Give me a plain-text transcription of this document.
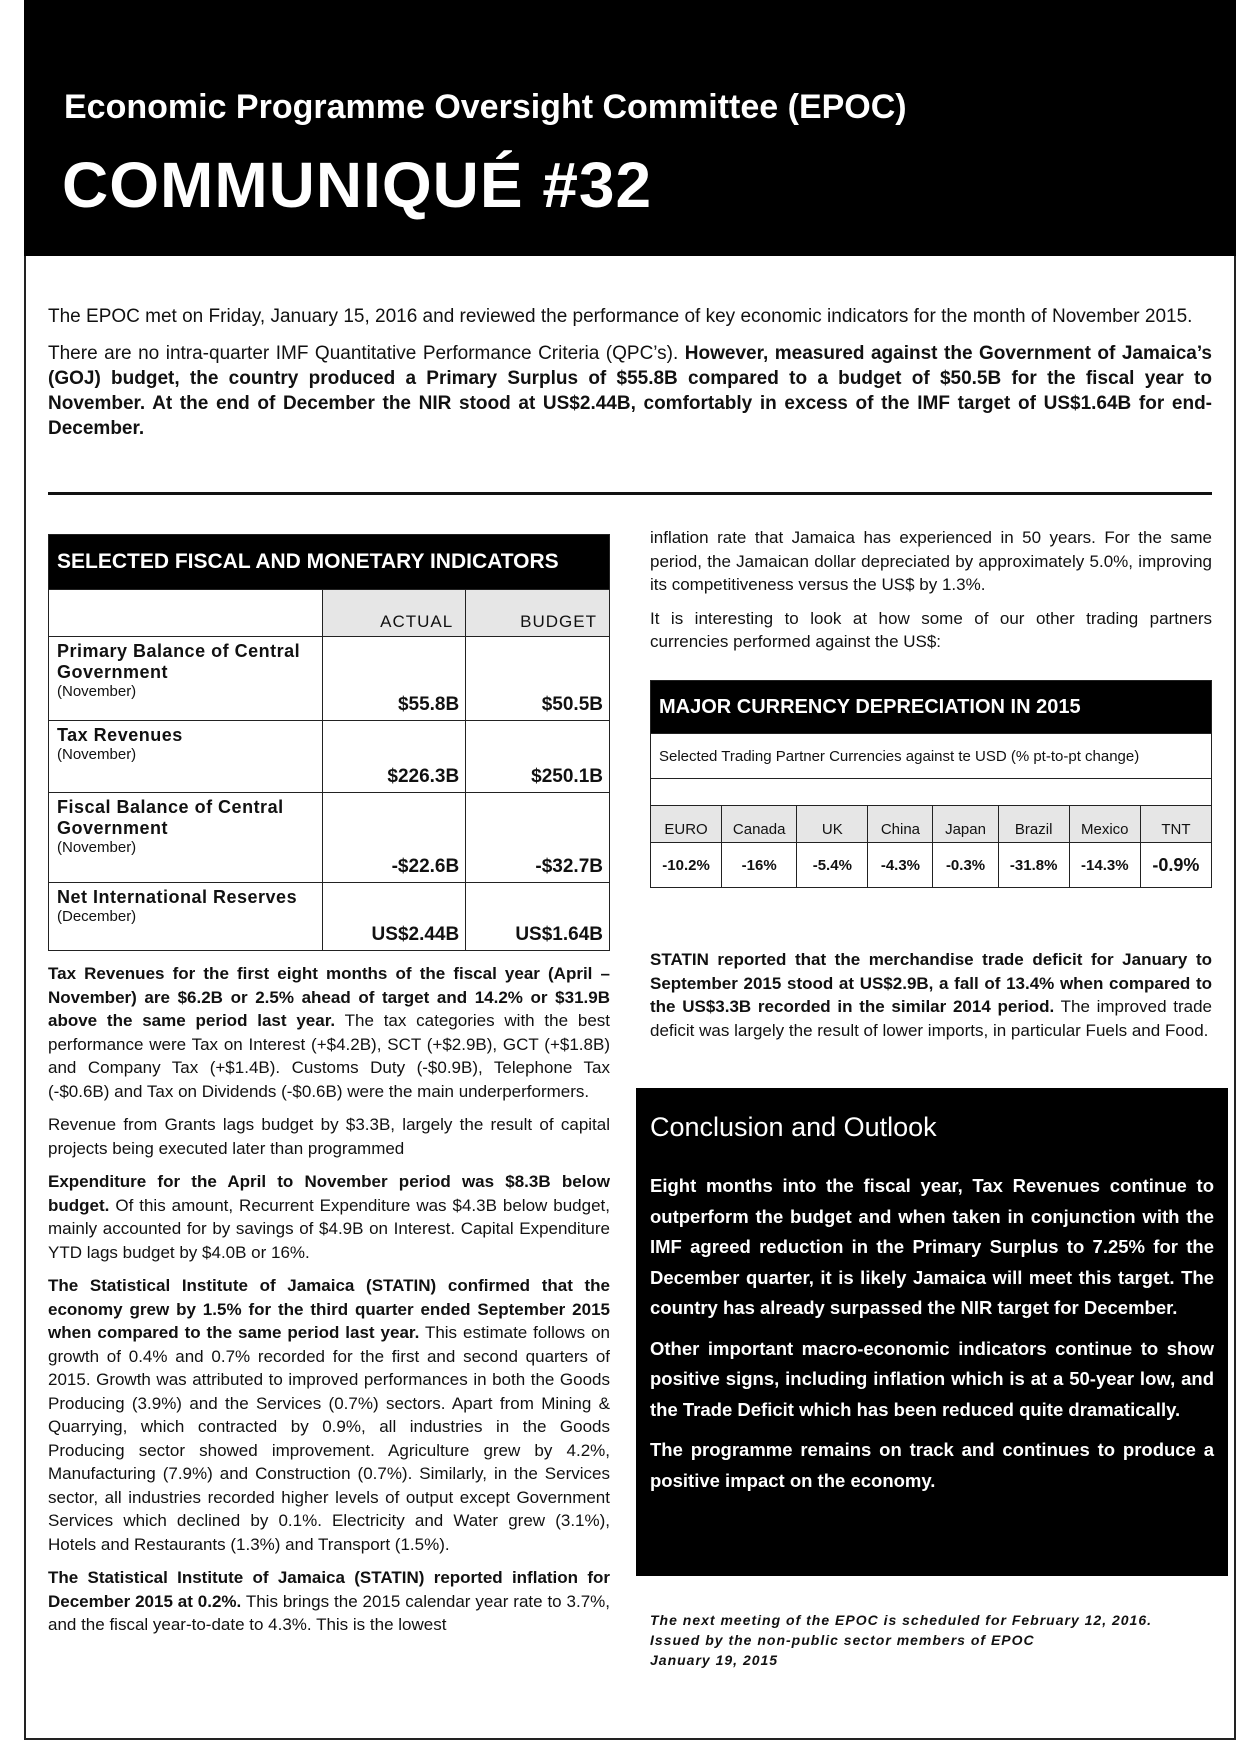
Economic Programme Oversight Committee (EPOC)
COMMUNIQUÉ #32

The EPOC met on Friday, January 15, 2016 and reviewed the performance of key economic indicators for the month of November 2015.

There are no intra-quarter IMF Quantitative Performance Criteria (QPC’s). However, measured against the Government of Jamaica’s (GOJ) budget, the country produced a Primary Surplus of $55.8B compared to a budget of $50.5B for the fiscal year to November. At the end of December the NIR stood at US$2.44B, comfortably in excess of the IMF target of US$1.64B for end-December.

SELECTED FISCAL AND MONETARY INDICATORS		
	ACTUAL	BUDGET

Primary Balance of Central Government
(November)	$55.8B	$50.5B

Tax Revenues
(November)	$226.3B	$250.1B

Fiscal Balance of Central Government
(November)	-$22.6B	-$32.7B

Net International Reserves
(December)	US$2.44B	US$1.64B

Tax Revenues for the first eight months of the fiscal year (April – November) are $6.2B or 2.5% ahead of target and 14.2% or $31.9B above the same period last year. The tax categories with the best performance were Tax on Interest (+$4.2B), SCT (+$2.9B), GCT (+$1.8B) and Company Tax (+$1.4B). Customs Duty (-$0.9B), Telephone Tax (-$0.6B) and Tax on Dividends (-$0.6B) were the main underperformers.

Revenue from Grants lags budget by $3.3B, largely the result of capital projects being executed later than programmed

Expenditure for the April to November period was $8.3B below budget. Of this amount, Recurrent Expenditure was $4.3B below budget, mainly accounted for by savings of $4.9B on Interest. Capital Expenditure YTD lags budget by $4.0B or 16%.

The Statistical Institute of Jamaica (STATIN) confirmed that the economy grew by 1.5% for the third quarter ended September 2015 when compared to the same period last year. This estimate follows on growth of 0.4% and 0.7% recorded for the first and second quarters of 2015. Growth was attributed to improved performances in both the Goods Producing (3.9%) and the Services (0.7%) sectors. Apart from Mining & Quarrying, which contracted by 0.9%, all industries in the Goods Producing sector showed improvement. Agriculture grew by 4.2%, Manufacturing (7.9%) and Construction (0.7%). Similarly, in the Services sector, all industries recorded higher levels of output except Government Services which declined by 0.1%. Electricity and Water grew (3.1%), Hotels and Restaurants (1.3%) and Transport (1.5%).

The Statistical Institute of Jamaica (STATIN) reported inflation for December 2015 at 0.2%. This brings the 2015 calendar year rate to 3.7%, and the fiscal year-to-date to 4.3%. This is the lowest

inflation rate that Jamaica has experienced in 50 years. For the same period, the Jamaican dollar depreciated by approximately 5.0%, improving its competitiveness versus the US$ by 1.3%.

It is interesting to look at how some of our other trading partners currencies performed against the US$:

MAJOR CURRENCY DEPRECIATION IN 2015							
Selected Trading Partner Currencies against te USD (% pt-to-pt change)							

EURO	Canada	UK	China	Japan	Brazil	Mexico	TNT
-10.2%	-16%	-5.4%	-4.3%	-0.3%	-31.8%	-14.3%	-0.9%

STATIN reported that the merchandise trade deficit for January to September 2015 stood at US$2.9B, a fall of 13.4% when compared to the US$3.3B recorded in the similar 2014 period. The improved trade deficit was largely the result of lower imports, in particular Fuels and Food.

Conclusion and Outlook

Eight months into the fiscal year, Tax Revenues continue to outperform the budget and when taken in conjunction with the IMF agreed reduction in the Primary Surplus to 7.25% for the December quarter, it is likely Jamaica will meet this target. The country has already surpassed the NIR target for December.

Other important macro-economic indicators continue to show positive signs, including inflation which is at a 50-year low, and the Trade Deficit which has been reduced quite dramatically.

The programme remains on track and continues to produce a positive impact on the economy.

The next meeting of the EPOC is scheduled for February 12, 2016.
Issued by the non-public sector members of EPOC
January 19, 2015
